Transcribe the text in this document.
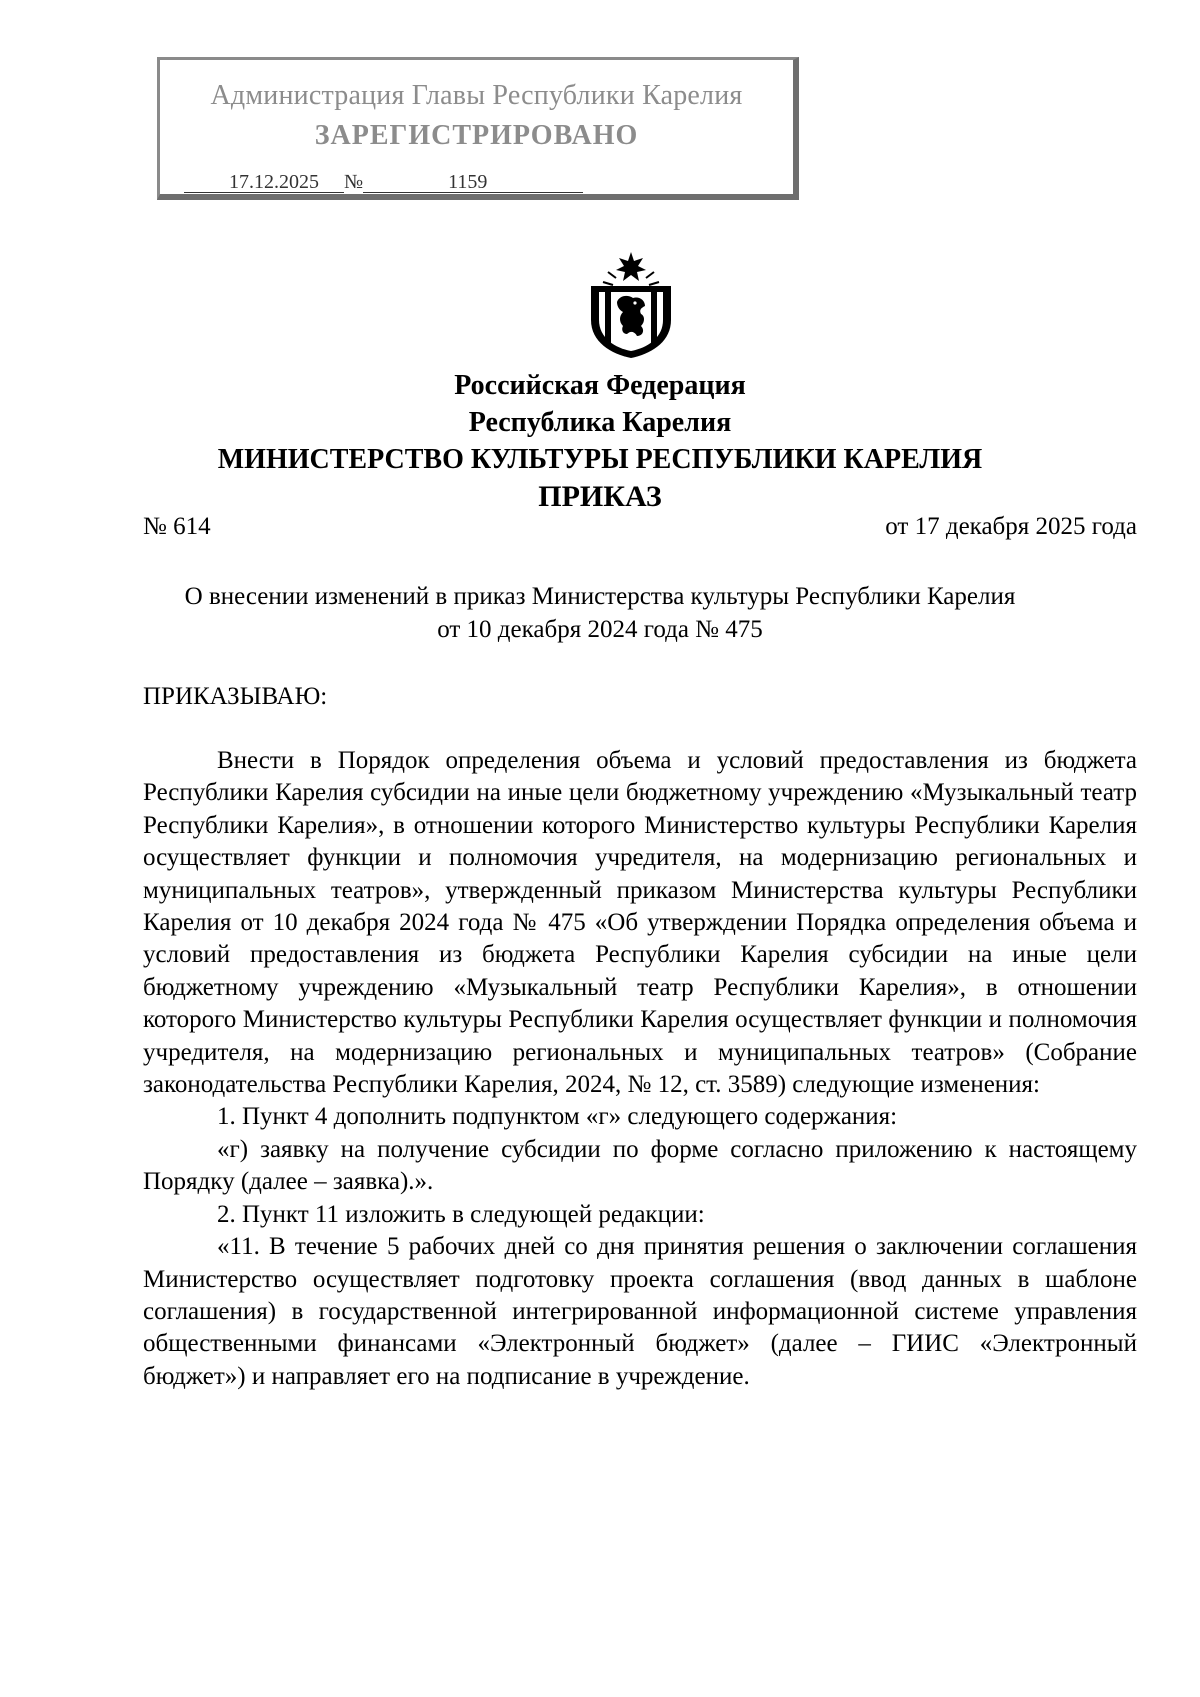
Администрация Главы Республики Карелия
ЗАРЕГИСТРИРОВАНО
17.12.2025 №	1159
Российская Федерация
Республика Карелия
МИНИСТЕРСТВО КУЛЬТУРЫ РЕСПУБЛИКИ КАРЕЛИЯ
ПРИКАЗ
№ 614	от 17 декабря 2025 года
О внесении изменений в приказ Министерства культуры Республики Карелия
от 10 декабря 2024 года № 475
ПРИКАЗЫВАЮ:

Внести в Порядок определения объема и условий предоставления из бюджета Республики Карелия субсидии на иные цели бюджетному учреждению «Музыкальный театр Республики Карелия», в отношении которого Министерство культуры Республики Карелия осуществляет функции и полномочия учредителя, на модернизацию региональных и муниципальных театров», утвержденный приказом Министерства культуры Республики Карелия от 10 декабря 2024 года № 475 «Об утверждении Порядка определения объема и условий предоставления из бюджета Республики Карелия субсидии на иные цели бюджетному учреждению «Музыкальный театр Республики Карелия», в отношении которого Министерство культуры Республики Карелия осуществляет функции и полномочия учредителя, на модернизацию региональных и муниципальных театров» (Собрание законодательства Республики Карелия, 2024, № 12, ст. 3589) следующие изменения:

1. Пункт 4 дополнить подпунктом «г» следующего содержания:

«г) заявку на получение субсидии по форме согласно приложению к настоящему Порядку (далее – заявка).».

2. Пункт 11 изложить в следующей редакции:

«11. В течение 5 рабочих дней со дня принятия решения о заключении соглашения Министерство осуществляет подготовку проекта соглашения (ввод данных в шаблоне соглашения) в государственной интегрированной информационной системе управления общественными финансами «Электронный бюджет» (далее – ГИИС «Электронный бюджет») и направляет его на подписание в учреждение.
